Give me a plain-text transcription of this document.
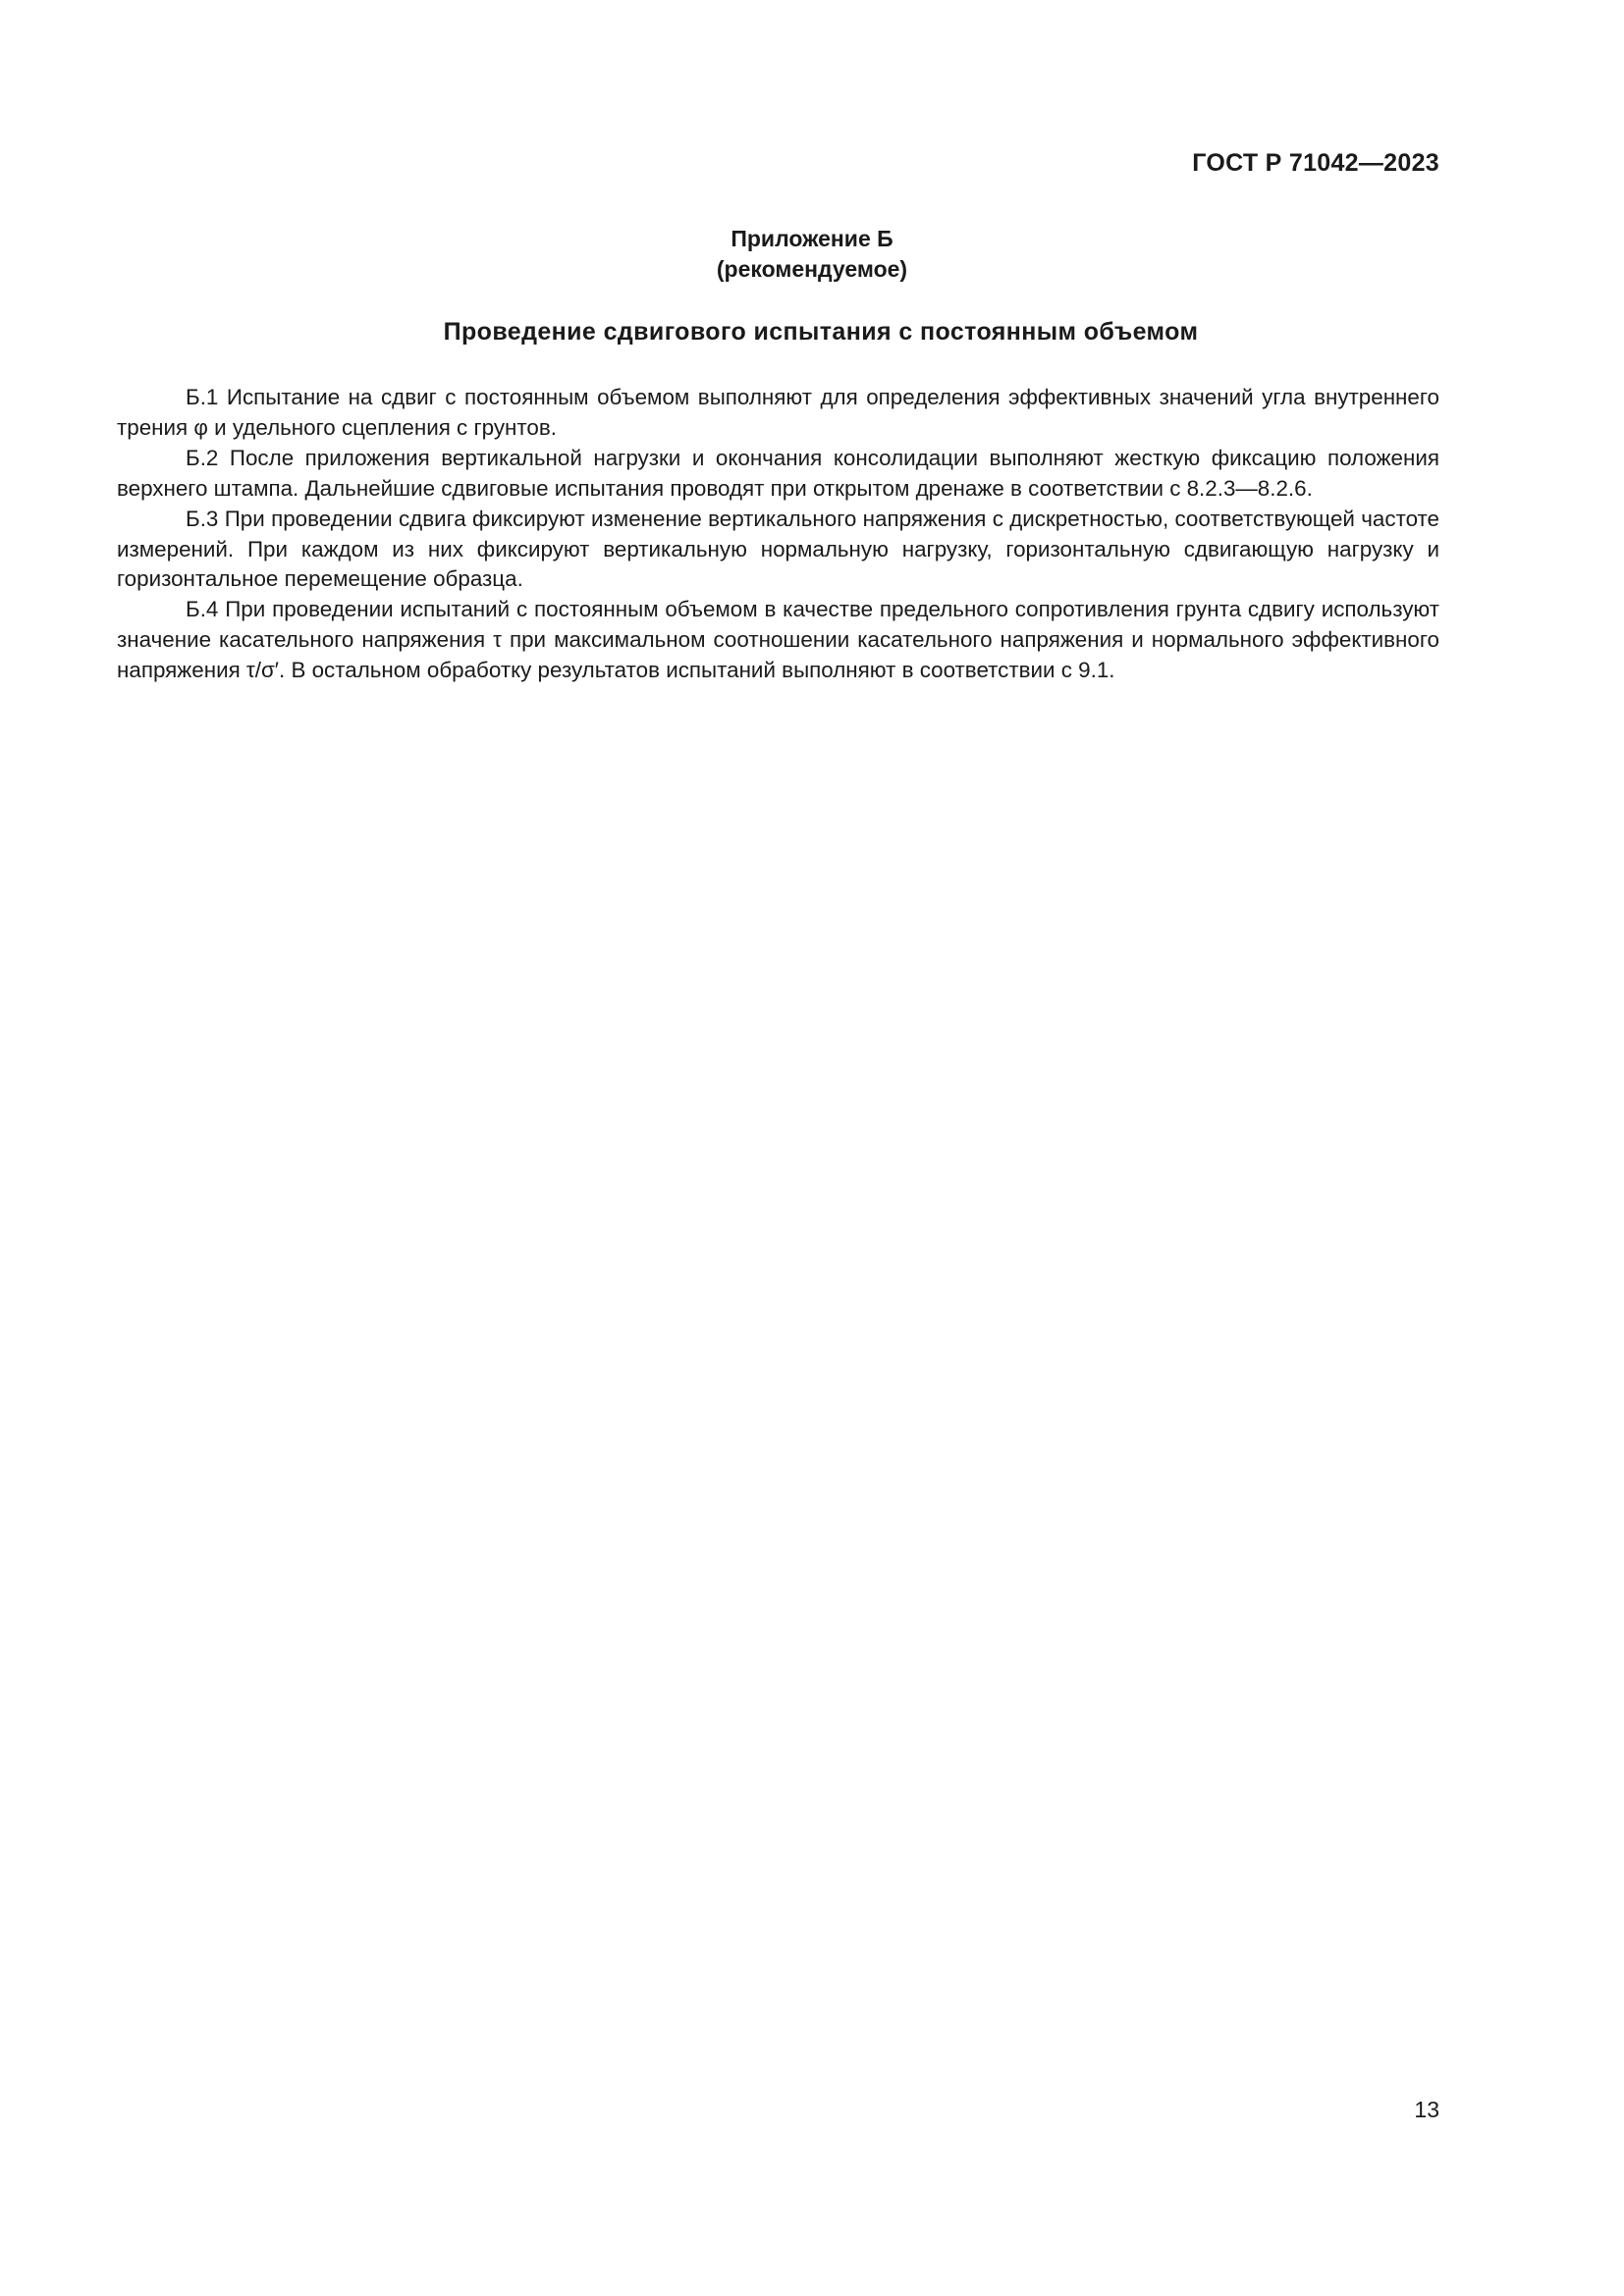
ГОСТ Р 71042—2023
Приложение Б
(рекомендуемое)
Проведение сдвигового испытания с постоянным объемом

Б.1 Испытание на сдвиг с постоянным объемом выполняют для определения эффективных значений угла внутреннего трения φ и удельного сцепления c грунтов.

Б.2 После приложения вертикальной нагрузки и окончания консолидации выполняют жесткую фиксацию положения верхнего штампа. Дальнейшие сдвиговые испытания проводят при открытом дренаже в соответствии с 8.2.3—8.2.6.

Б.3 При проведении сдвига фиксируют изменение вертикального напряжения с дискретностью, соответствующей частоте измерений. При каждом из них фиксируют вертикальную нормальную нагрузку, горизонтальную сдвигающую нагрузку и горизонтальное перемещение образца.

Б.4 При проведении испытаний с постоянным объемом в качестве предельного сопротивления грунта сдвигу используют значение касательного напряжения τ при максимальном соотношении касательного напряжения и нормального эффективного напряжения τ/σ′. В остальном обработку результатов испытаний выполняют в соответствии с 9.1.

13
